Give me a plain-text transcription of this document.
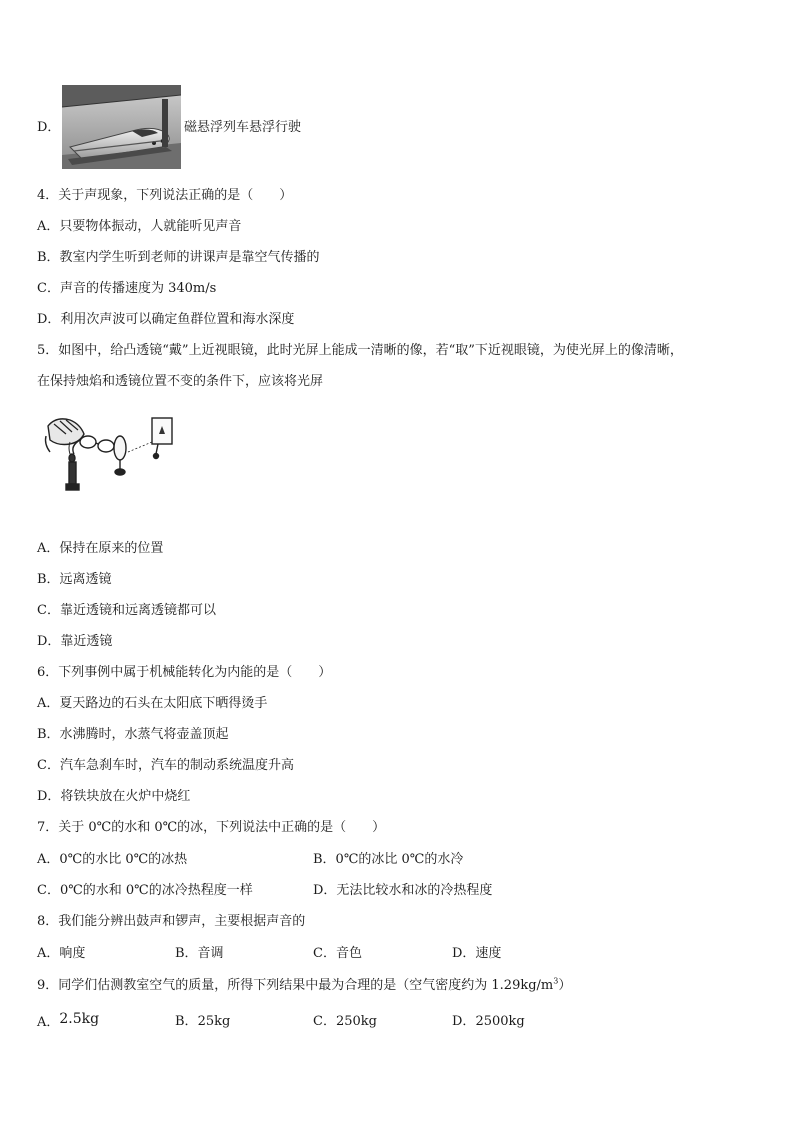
D．	磁悬浮列车悬浮行驶
4．关于声现象，下列说法正确的是（　　）
A．只要物体振动，人就能听见声音
B．教室内学生听到老师的讲课声是靠空气传播的
C．声音的传播速度为 340m/s
D．利用次声波可以确定鱼群位置和海水深度
5．如图中，给凸透镜“戴”上近视眼镜，此时光屏上能成一清晰的像，若“取”下近视眼镜，为使光屏上的像清晰，
在保持烛焰和透镜位置不变的条件下，应该将光屏
A．保持在原来的位置
B．远离透镜
C．靠近透镜和远离透镜都可以
D．靠近透镜
6．下列事例中属于机械能转化为内能的是（　　）
A．夏天路边的石头在太阳底下晒得烫手
B．水沸腾时，水蒸气将壶盖顶起
C．汽车急刹车时，汽车的制动系统温度升高
D．将铁块放在火炉中烧红
7．关于 0℃的水和 0℃的冰，下列说法中正确的是（　　）
A．0℃的水比 0℃的冰热	B．0℃的冰比 0℃的水冷
C．0℃的水和 0℃的冰冷热程度一样	D．无法比较水和冰的冷热程度
8．我们能分辨出鼓声和锣声，主要根据声音的
A．响度	B．音调	C．音色	D．速度
9．同学们估测教室空气的质量，所得下列结果中最为合理的是（空气密度约为 $1.29kg/m^3$）
A．2.5kg	B．25kg	C．250kg	D．2500kg
